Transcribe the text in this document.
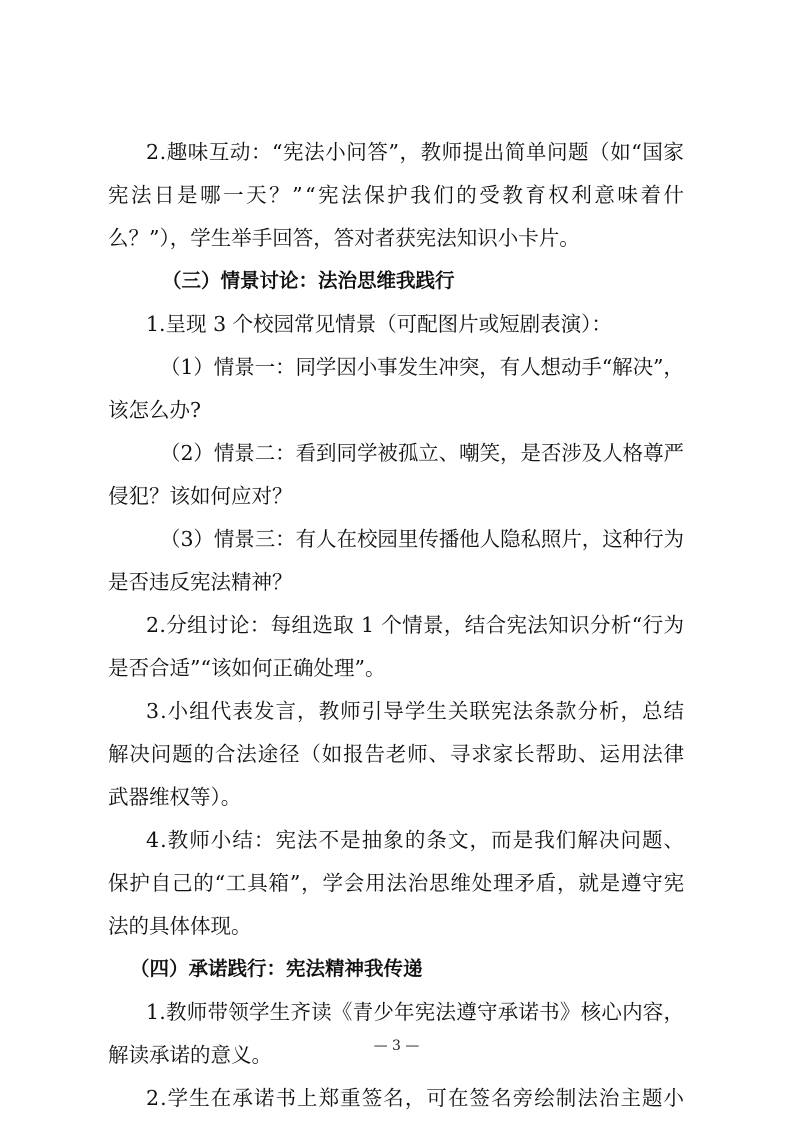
2.趣味互动：“宪法小问答”，教师提出简单问题（如“国家
宪法日是哪一天？”“宪法保护我们的受教育权利意味着什
么？”），学生举手回答，答对者获宪法知识小卡片。
（三）情景讨论：法治思维我践行
1.呈现 3 个校园常见情景（可配图片或短剧表演）：
（1）情景一：同学因小事发生冲突，有人想动手“解决”，
该怎么办?
（2）情景二：看到同学被孤立、嘲笑，是否涉及人格尊严
侵犯？该如何应对？
（3）情景三：有人在校园里传播他人隐私照片，这种行为
是否违反宪法精神？
2.分组讨论：每组选取 1 个情景，结合宪法知识分析“行为
是否合适”“该如何正确处理”。
3.小组代表发言，教师引导学生关联宪法条款分析，总结
解决问题的合法途径（如报告老师、寻求家长帮助、运用法律
武器维权等）。
4.教师小结：宪法不是抽象的条文，而是我们解决问题、
保护自己的“工具箱”，学会用法治思维处理矛盾，就是遵守宪
法的具体体现。
（四）承诺践行：宪法精神我传递
1.教师带领学生齐读《青少年宪法遵守承诺书》核心内容，
解读承诺的意义。
2.学生在承诺书上郑重签名，可在签名旁绘制法治主题小
— 3 —
